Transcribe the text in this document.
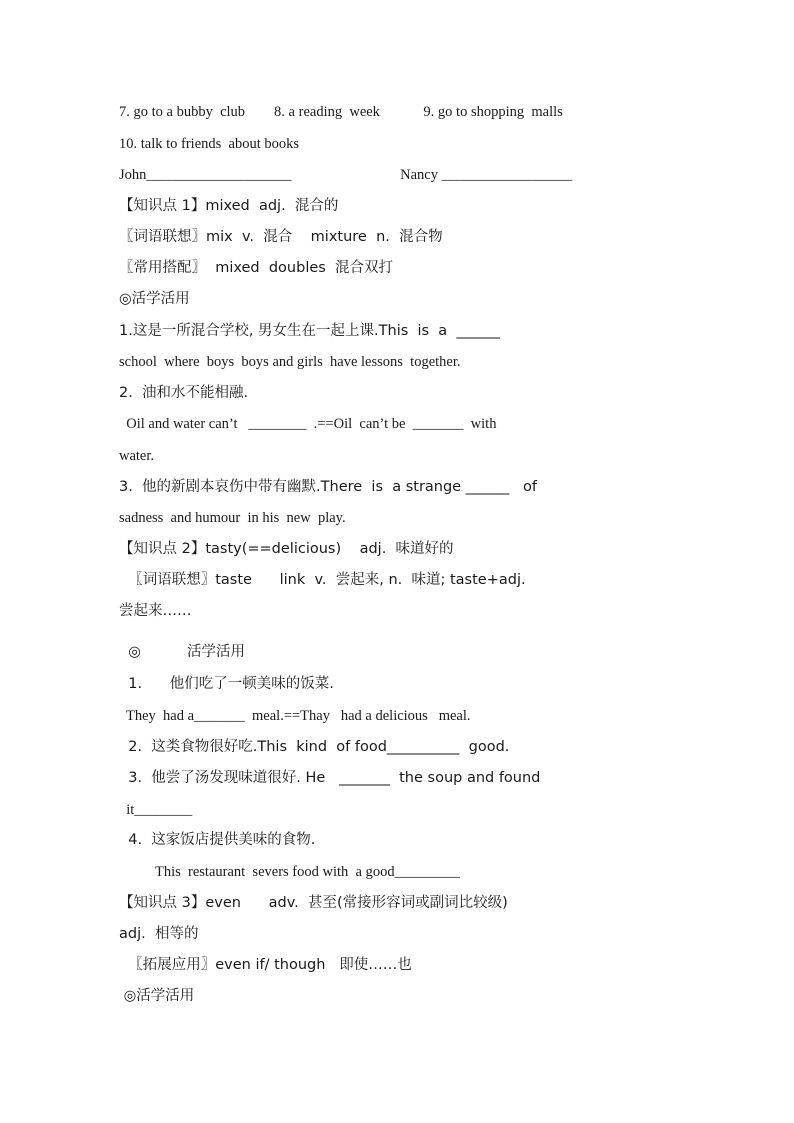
7. go to a bubby  club        8. a reading  week            9. go to shopping  malls
10. talk to friends  about books
John____________________                              Nancy __________________
【知识点 1】mixed  adj.  混合的
〖词语联想〗mix  v.  混合    mixture  n.  混合物
〖常用搭配〗  mixed  doubles  混合双打
◎活学活用
1.这是一所混合学校, 男女生在一起上课.This  is  a  ______
school  where  boys  boys and girls  have lessons  together.
2.  油和水不能相融.
Oil and water can’t   ________  .==Oil  can’t be  _______  with
water.
3.  他的新剧本哀伤中带有幽默.There  is  a strange ______   of
sadness  and humour  in his  new  play.
【知识点 2】tasty(==delicious)    adj.  味道好的
〖词语联想〗taste      link  v.  尝起来, n.  味道; taste+adj.
尝起来……
◎          活学活用
1.      他们吃了一顿美味的饭菜.
They  had a_______  meal.==Thay   had a delicious   meal.
2.  这类食物很好吃.This  kind  of food__________  good.
3.  他尝了汤发现味道很好. He   _______  the soup and found
it________
4.  这家饭店提供美味的食物.
This  restaurant  severs food with  a good_________
【知识点 3】even      adv.  甚至(常接形容词或副词比较级)
adj.  相等的
〖拓展应用〗even if/ though   即使……也
◎活学活用
